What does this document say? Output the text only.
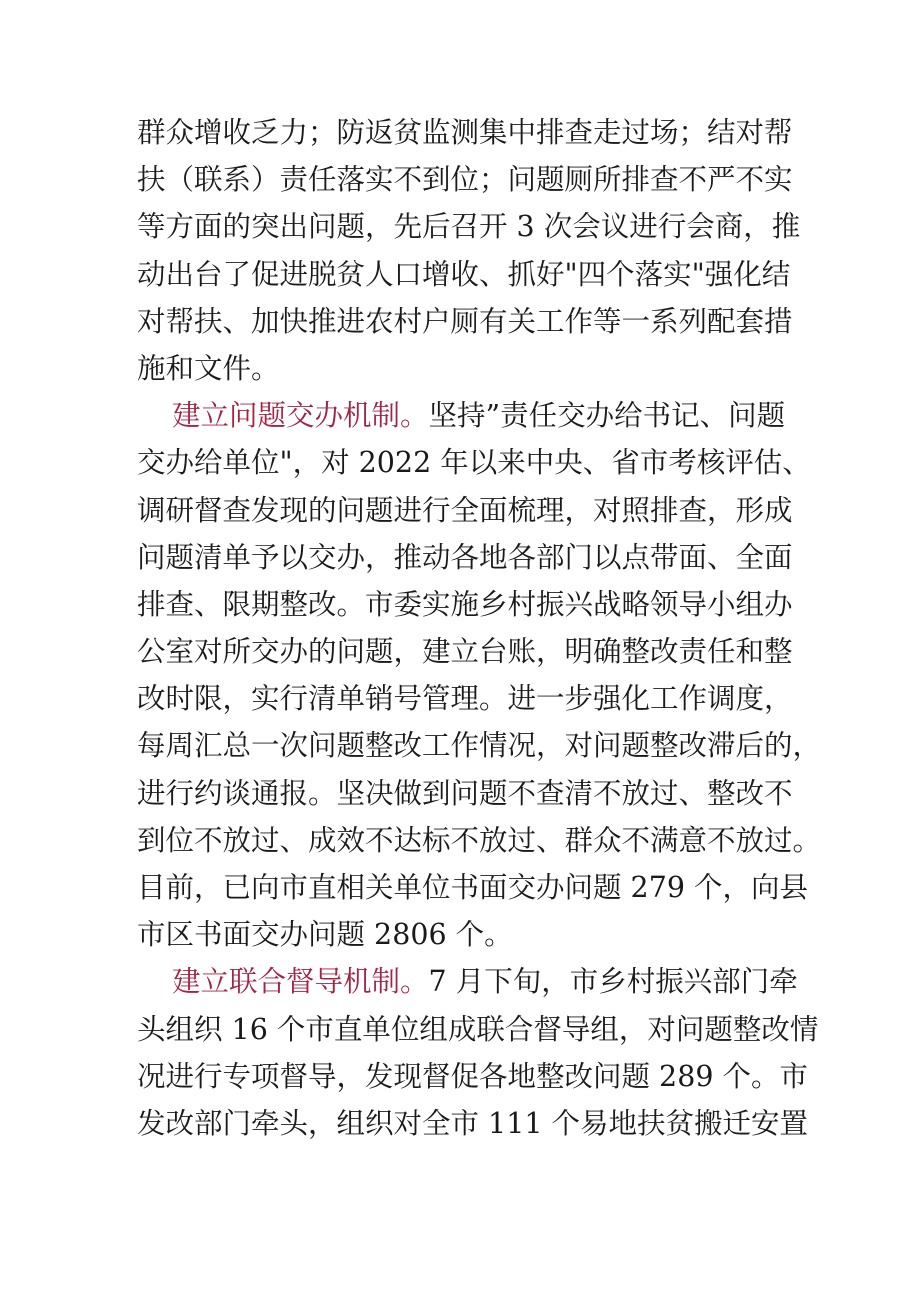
群众增收乏力；防返贫监测集中排查走过场；结对帮
扶（联系）责任落实不到位；问题厕所排查不严不实
等方面的突出问题，先后召开 3 次会议进行会商，推
动出台了促进脱贫人口增收、抓好"四个落实"强化结
对帮扶、加快推进农村户厕有关工作等一系列配套措
施和文件。
建立问题交办机制。坚持”责任交办给书记、问题
交办给单位"，对 2022 年以来中央、省市考核评估、
调研督查发现的问题进行全面梳理，对照排查，形成
问题清单予以交办，推动各地各部门以点带面、全面
排查、限期整改。市委实施乡村振兴战略领导小组办
公室对所交办的问题，建立台账，明确整改责任和整
改时限，实行清单销号管理。进一步强化工作调度，
每周汇总一次问题整改工作情况，对问题整改滞后的，
进行约谈通报。坚决做到问题不查清不放过、整改不
到位不放过、成效不达标不放过、群众不满意不放过。
目前，已向市直相关单位书面交办问题 279 个，向县
市区书面交办问题 2806 个。
建立联合督导机制。7 月下旬，市乡村振兴部门牵
头组织 16 个市直单位组成联合督导组，对问题整改情
况进行专项督导，发现督促各地整改问题 289 个。市
发改部门牵头，组织对全市 111 个易地扶贫搬迁安置
